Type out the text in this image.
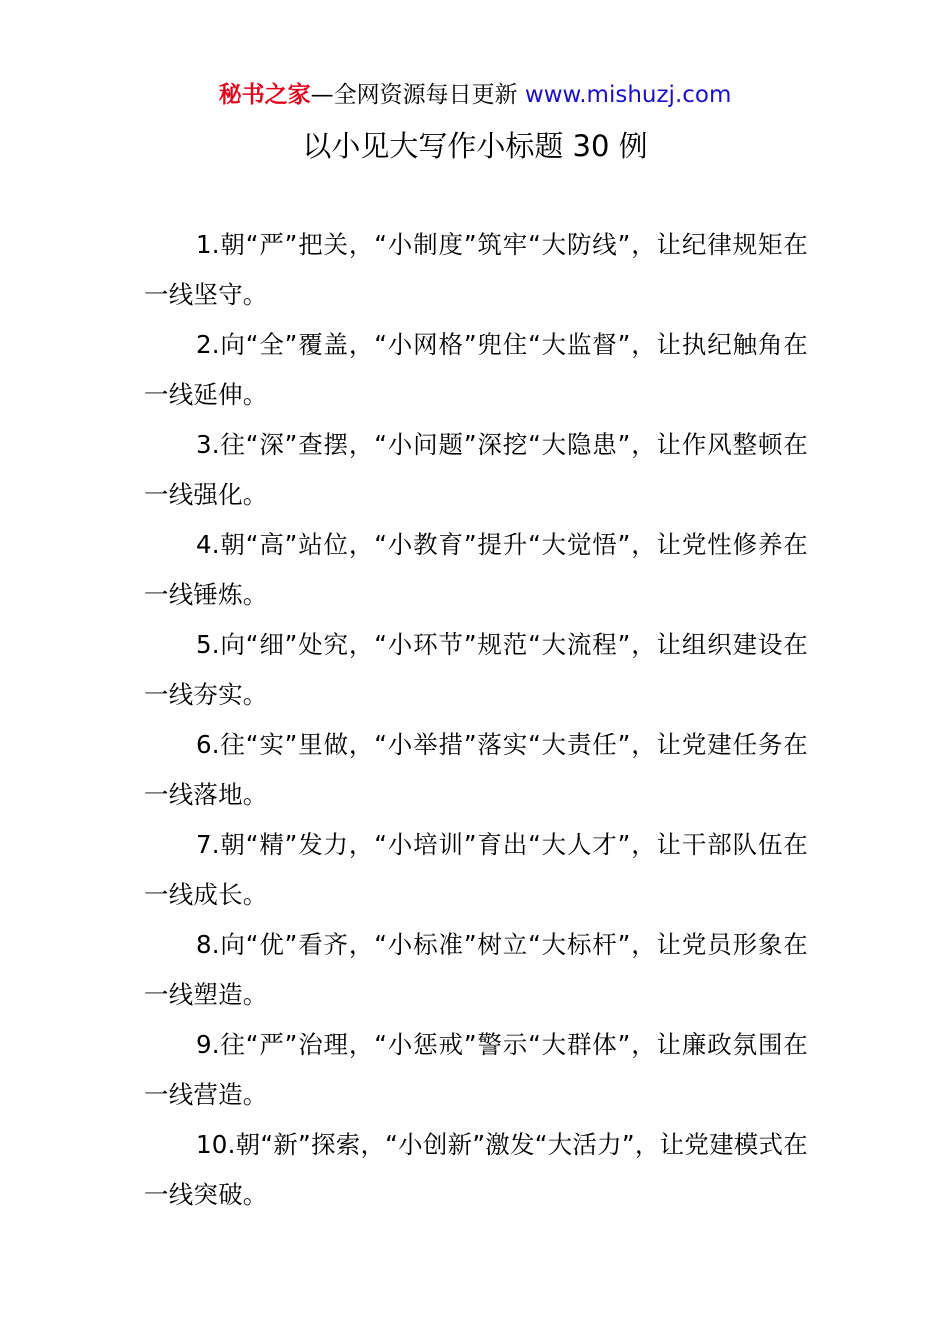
秘书之家—全网资源每日更新 www.mishuzj.com
以小见大写作小标题 30 例

1.朝“严”把关，“小制度”筑牢“大防线”，让纪律规矩在一线坚守。

2.向“全”覆盖，“小网格”兜住“大监督”，让执纪触角在一线延伸。

3.往“深”查摆，“小问题”深挖“大隐患”，让作风整顿在一线强化。

4.朝“高”站位，“小教育”提升“大觉悟”，让党性修养在一线锤炼。

5.向“细”处究，“小环节”规范“大流程”，让组织建设在一线夯实。

6.往“实”里做，“小举措”落实“大责任”，让党建任务在一线落地。

7.朝“精”发力，“小培训”育出“大人才”，让干部队伍在一线成长。

8.向“优”看齐，“小标准”树立“大标杆”，让党员形象在一线塑造。

9.往“严”治理，“小惩戒”警示“大群体”，让廉政氛围在一线营造。

10.朝“新”探索，“小创新”激发“大活力”，让党建模式在一线突破。
